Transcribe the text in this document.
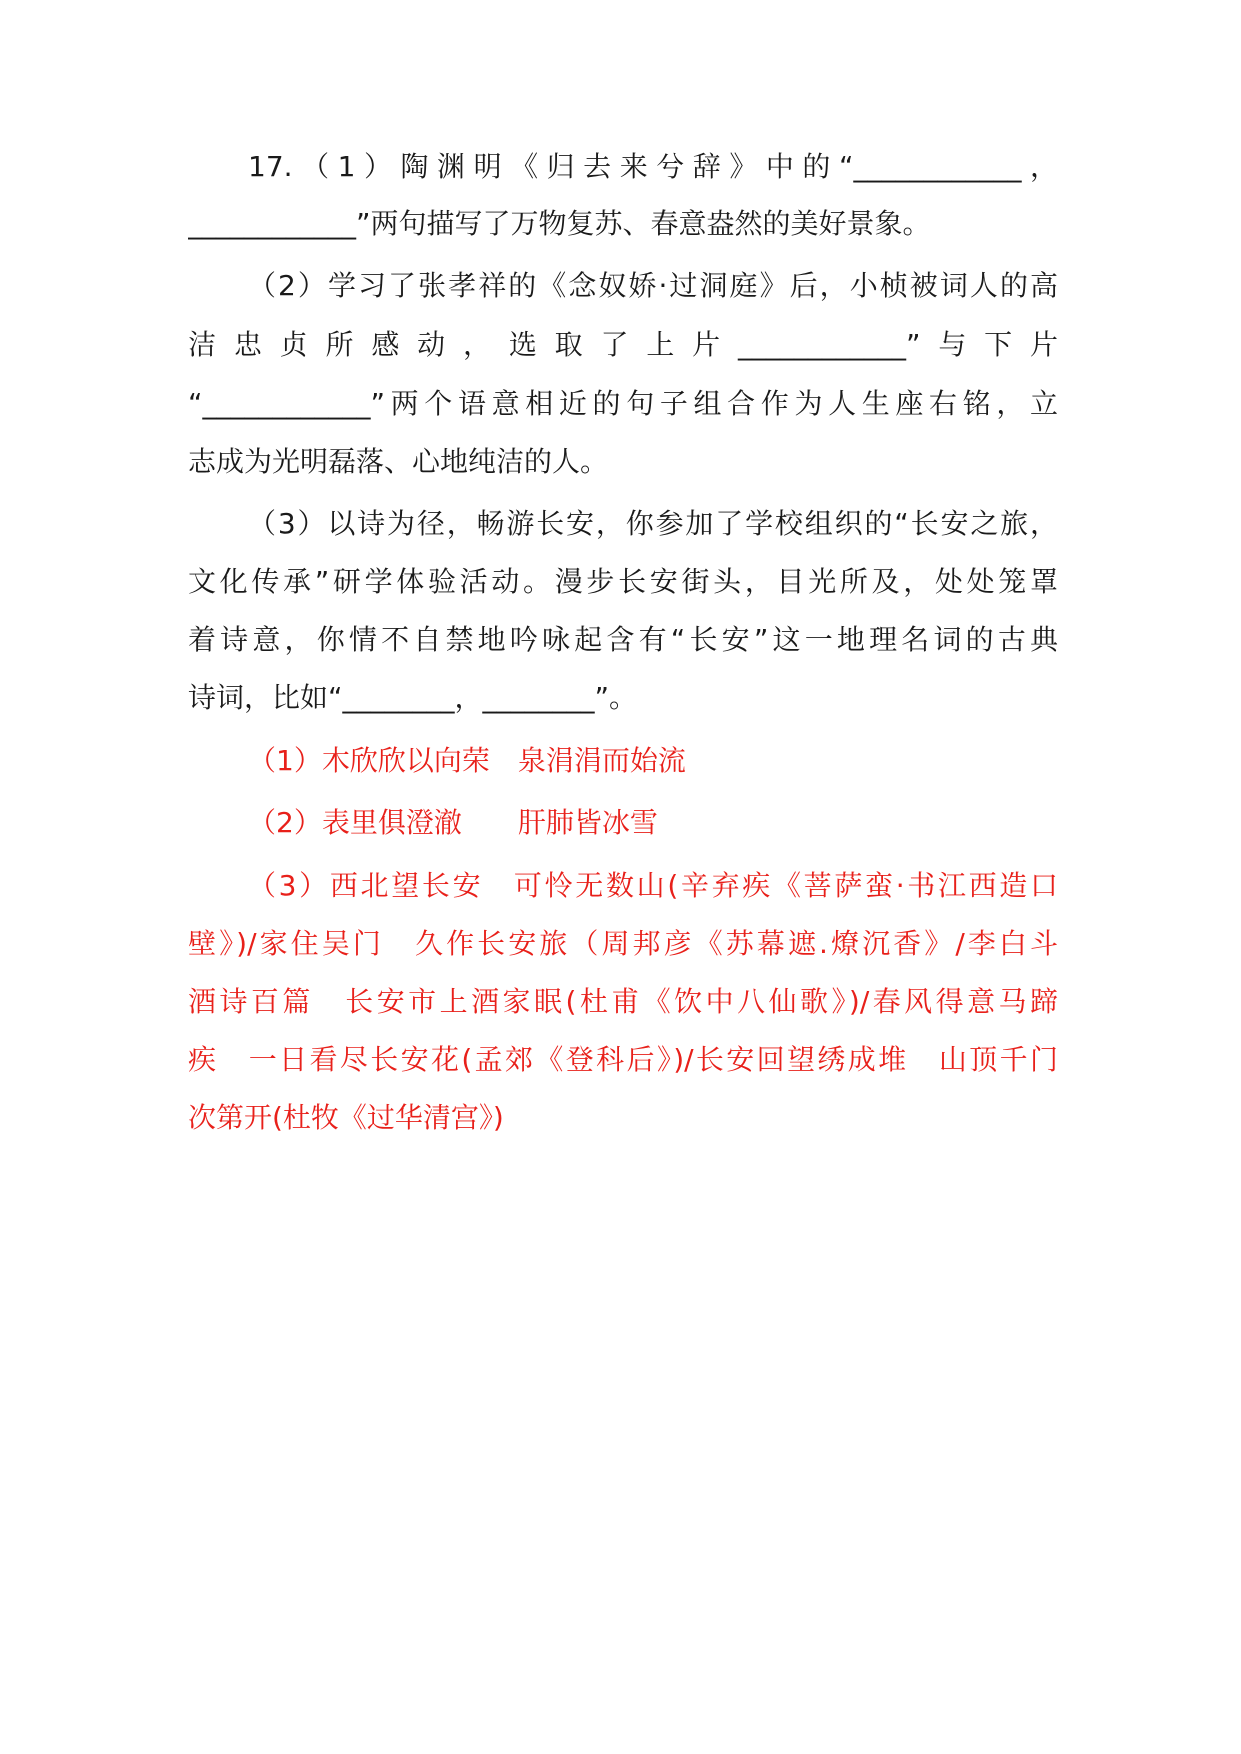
17.（1）陶渊明《归去来兮辞》中的“____________，
____________”两句描写了万物复苏、春意盎然的美好景象。
（2）学习了张孝祥的《念奴娇·过洞庭》后，小桢被词人的高
洁忠贞所感动，选取了上片____________”与下片
“____________”两个语意相近的句子组合作为人生座右铭，立
志成为光明磊落、心地纯洁的人。
（3）以诗为径，畅游长安，你参加了学校组织的“长安之旅，
文化传承”研学体验活动。漫步长安街头，目光所及，处处笼罩
着诗意，你情不自禁地吟咏起含有“长安”这一地理名词的古典
诗词，比如“________，________”。
（1）木欣欣以向荣　泉涓涓而始流
（2）表里俱澄澈　　肝肺皆冰雪
（3）西北望长安　可怜无数山(辛弃疾《菩萨蛮·书江西造口
壁》)/家住吴门　久作长安旅（周邦彦《苏幕遮.燎沉香》/李白斗
酒诗百篇　长安市上酒家眠(杜甫《饮中八仙歌》)/春风得意马蹄
疾　一日看尽长安花(孟郊《登科后》)/长安回望绣成堆　山顶千门
次第开(杜牧《过华清宫》)
